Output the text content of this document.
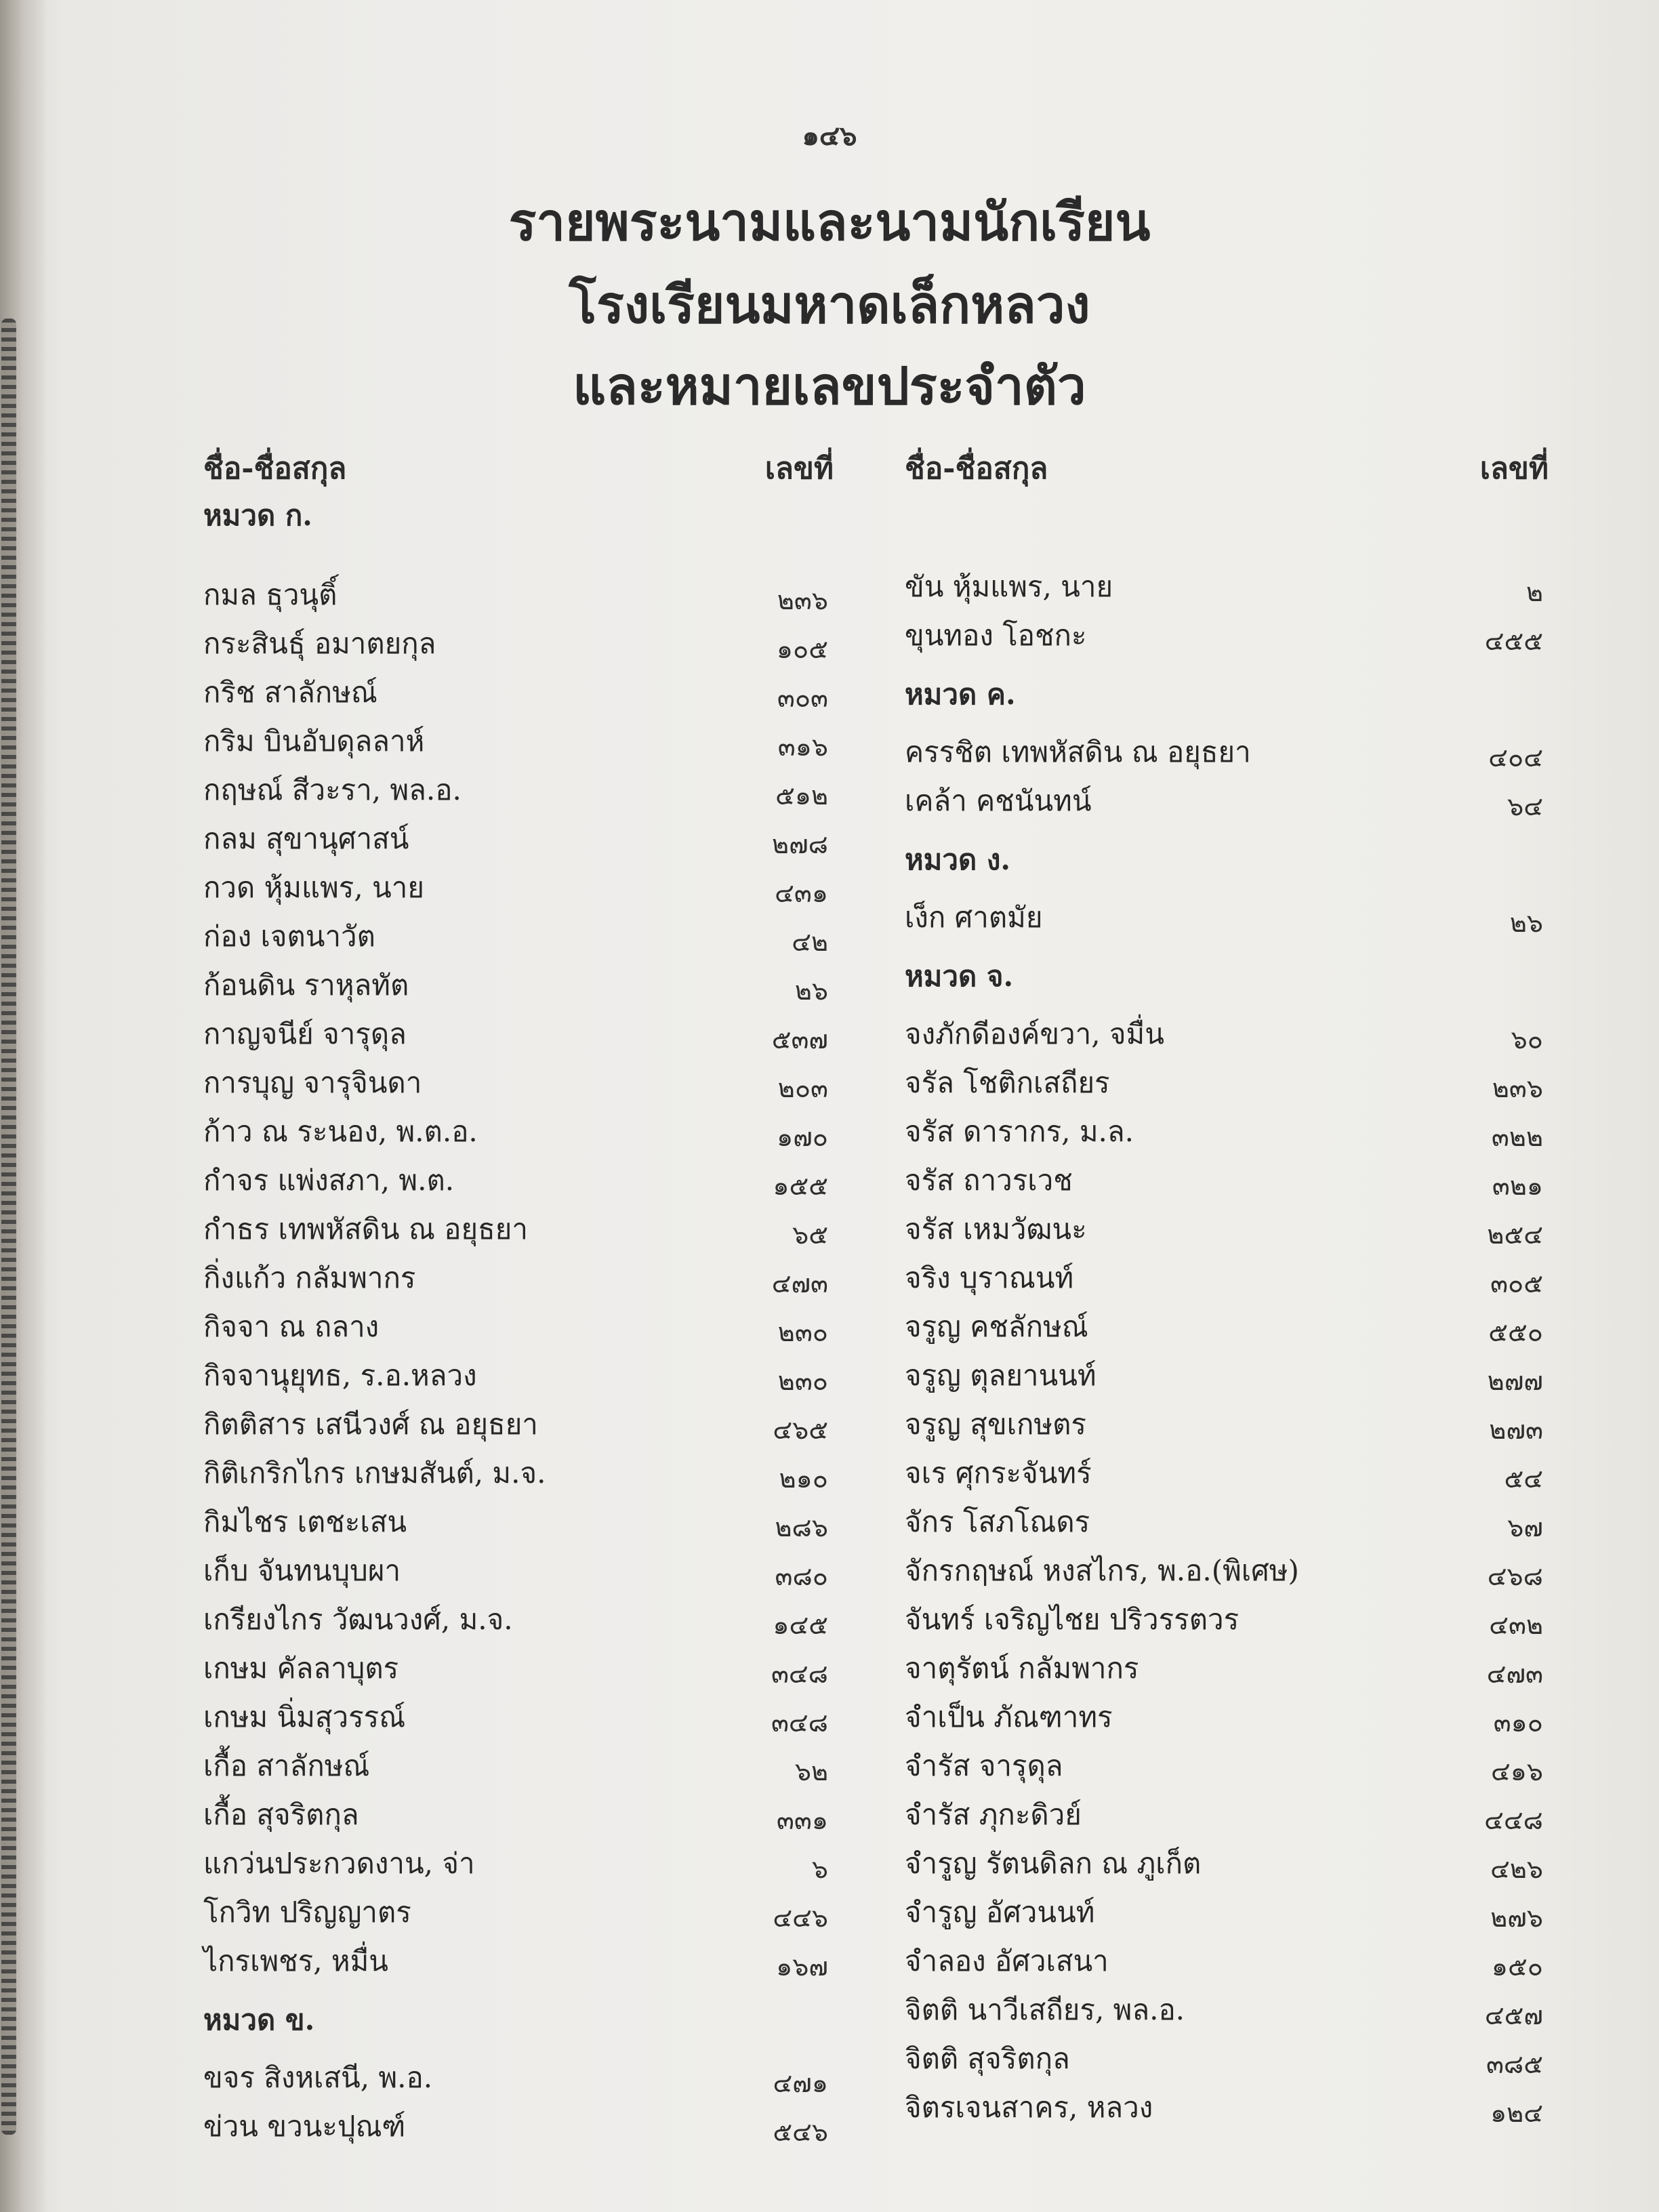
๑๔๖
รายพระนามและนามนักเรียน
โรงเรียนมหาดเล็กหลวง
และหมายเลขประจำตัว
ชื่อ-ชื่อสกุล	เลขที่
หมวด ก.
กมล ธุวนุติ์	๒๓๖
กระสินธุ์ อมาตยกุล	๑๐๕
กริช สาลักษณ์	๓๐๓
กริม บินอับดุลลาห์	๓๑๖
กฤษณ์ สีวะรา, พล.อ.	๕๑๒
กลม สุขานุศาสน์	๒๗๘
กวด หุ้มแพร, นาย	๔๓๑
ก่อง เจตนาวัต	๔๒
ก้อนดิน ราหุลทัต	๒๖
กาญจนีย์ จารุดุล	๕๓๗
การบุญ จารุจินดา	๒๐๓
ก้าว ณ ระนอง, พ.ต.อ.	๑๗๐
กำจร แพ่งสภา, พ.ต.	๑๕๕
กำธร เทพหัสดิน ณ อยุธยา	๖๕
กิ่งแก้ว กลัมพากร	๔๗๓
กิจจา ณ ถลาง	๒๓๐
กิจจานุยุทธ, ร.อ.หลวง	๒๓๐
กิตติสาร เสนีวงศ์ ณ อยุธยา	๔๖๕
กิติเกริกไกร เกษมสันต์, ม.จ.	๒๑๐
กิมไชร เตชะเสน	๒๘๖
เก็บ จันทนบุบผา	๓๘๐
เกรียงไกร วัฒนวงศ์, ม.จ.	๑๔๕
เกษม คัลลาบุตร	๓๔๘
เกษม นิ่มสุวรรณ์	๓๔๘
เกื้อ สาลักษณ์	๖๒
เกื้อ สุจริตกุล	๓๓๑
แกว่นประกวดงาน, จ่า	๖
โกวิท ปริญญาตร	๔๔๖
ไกรเพชร, หมื่น	๑๖๗
หมวด ข.
ขจร สิงหเสนี, พ.อ.	๔๗๑
ข่วน ขวนะปุณฑ์	๕๔๖
ชื่อ-ชื่อสกุล	เลขที่
ขัน หุ้มแพร, นาย	๒
ขุนทอง โอชกะ	๔๕๕
หมวด ค.
ครรชิต เทพหัสดิน ณ อยุธยา	๔๐๔
เคล้า คชนันทน์	๖๔
หมวด ง.
เง็ก ศาตมัย	๒๖
หมวด จ.
จงภักดีองค์ขวา, จมื่น	๖๐
จรัล โชติกเสถียร	๒๓๖
จรัส ดารากร, ม.ล.	๓๒๒
จรัส ถาวรเวช	๓๒๑
จรัส เหมวัฒนะ	๒๕๔
จริง บุราณนท์	๓๐๕
จรูญ คชลักษณ์	๕๕๐
จรูญ ตุลยานนท์	๒๗๗
จรูญ สุขเกษตร	๒๗๓
จเร ศุกระจันทร์	๕๔
จักร โสภโณดร	๖๗
จักรกฤษณ์ หงสไกร, พ.อ.(พิเศษ)	๔๖๘
จันทร์ เจริญไชย ปริวรรตวร	๔๓๒
จาตุรัตน์ กลัมพากร	๔๗๓
จำเป็น ภัณฑาทร	๓๑๐
จำรัส จารุดุล	๔๑๖
จำรัส ภุกะดิวย์	๔๔๘
จำรูญ รัตนดิลก ณ ภูเก็ต	๔๒๖
จำรูญ อัศวนนท์	๒๗๖
จำลอง อัศวเสนา	๑๕๐
จิตติ นาวีเสถียร, พล.อ.	๔๕๗
จิตติ สุจริตกุล	๓๘๕
จิตรเจนสาคร, หลวง	๑๒๔
